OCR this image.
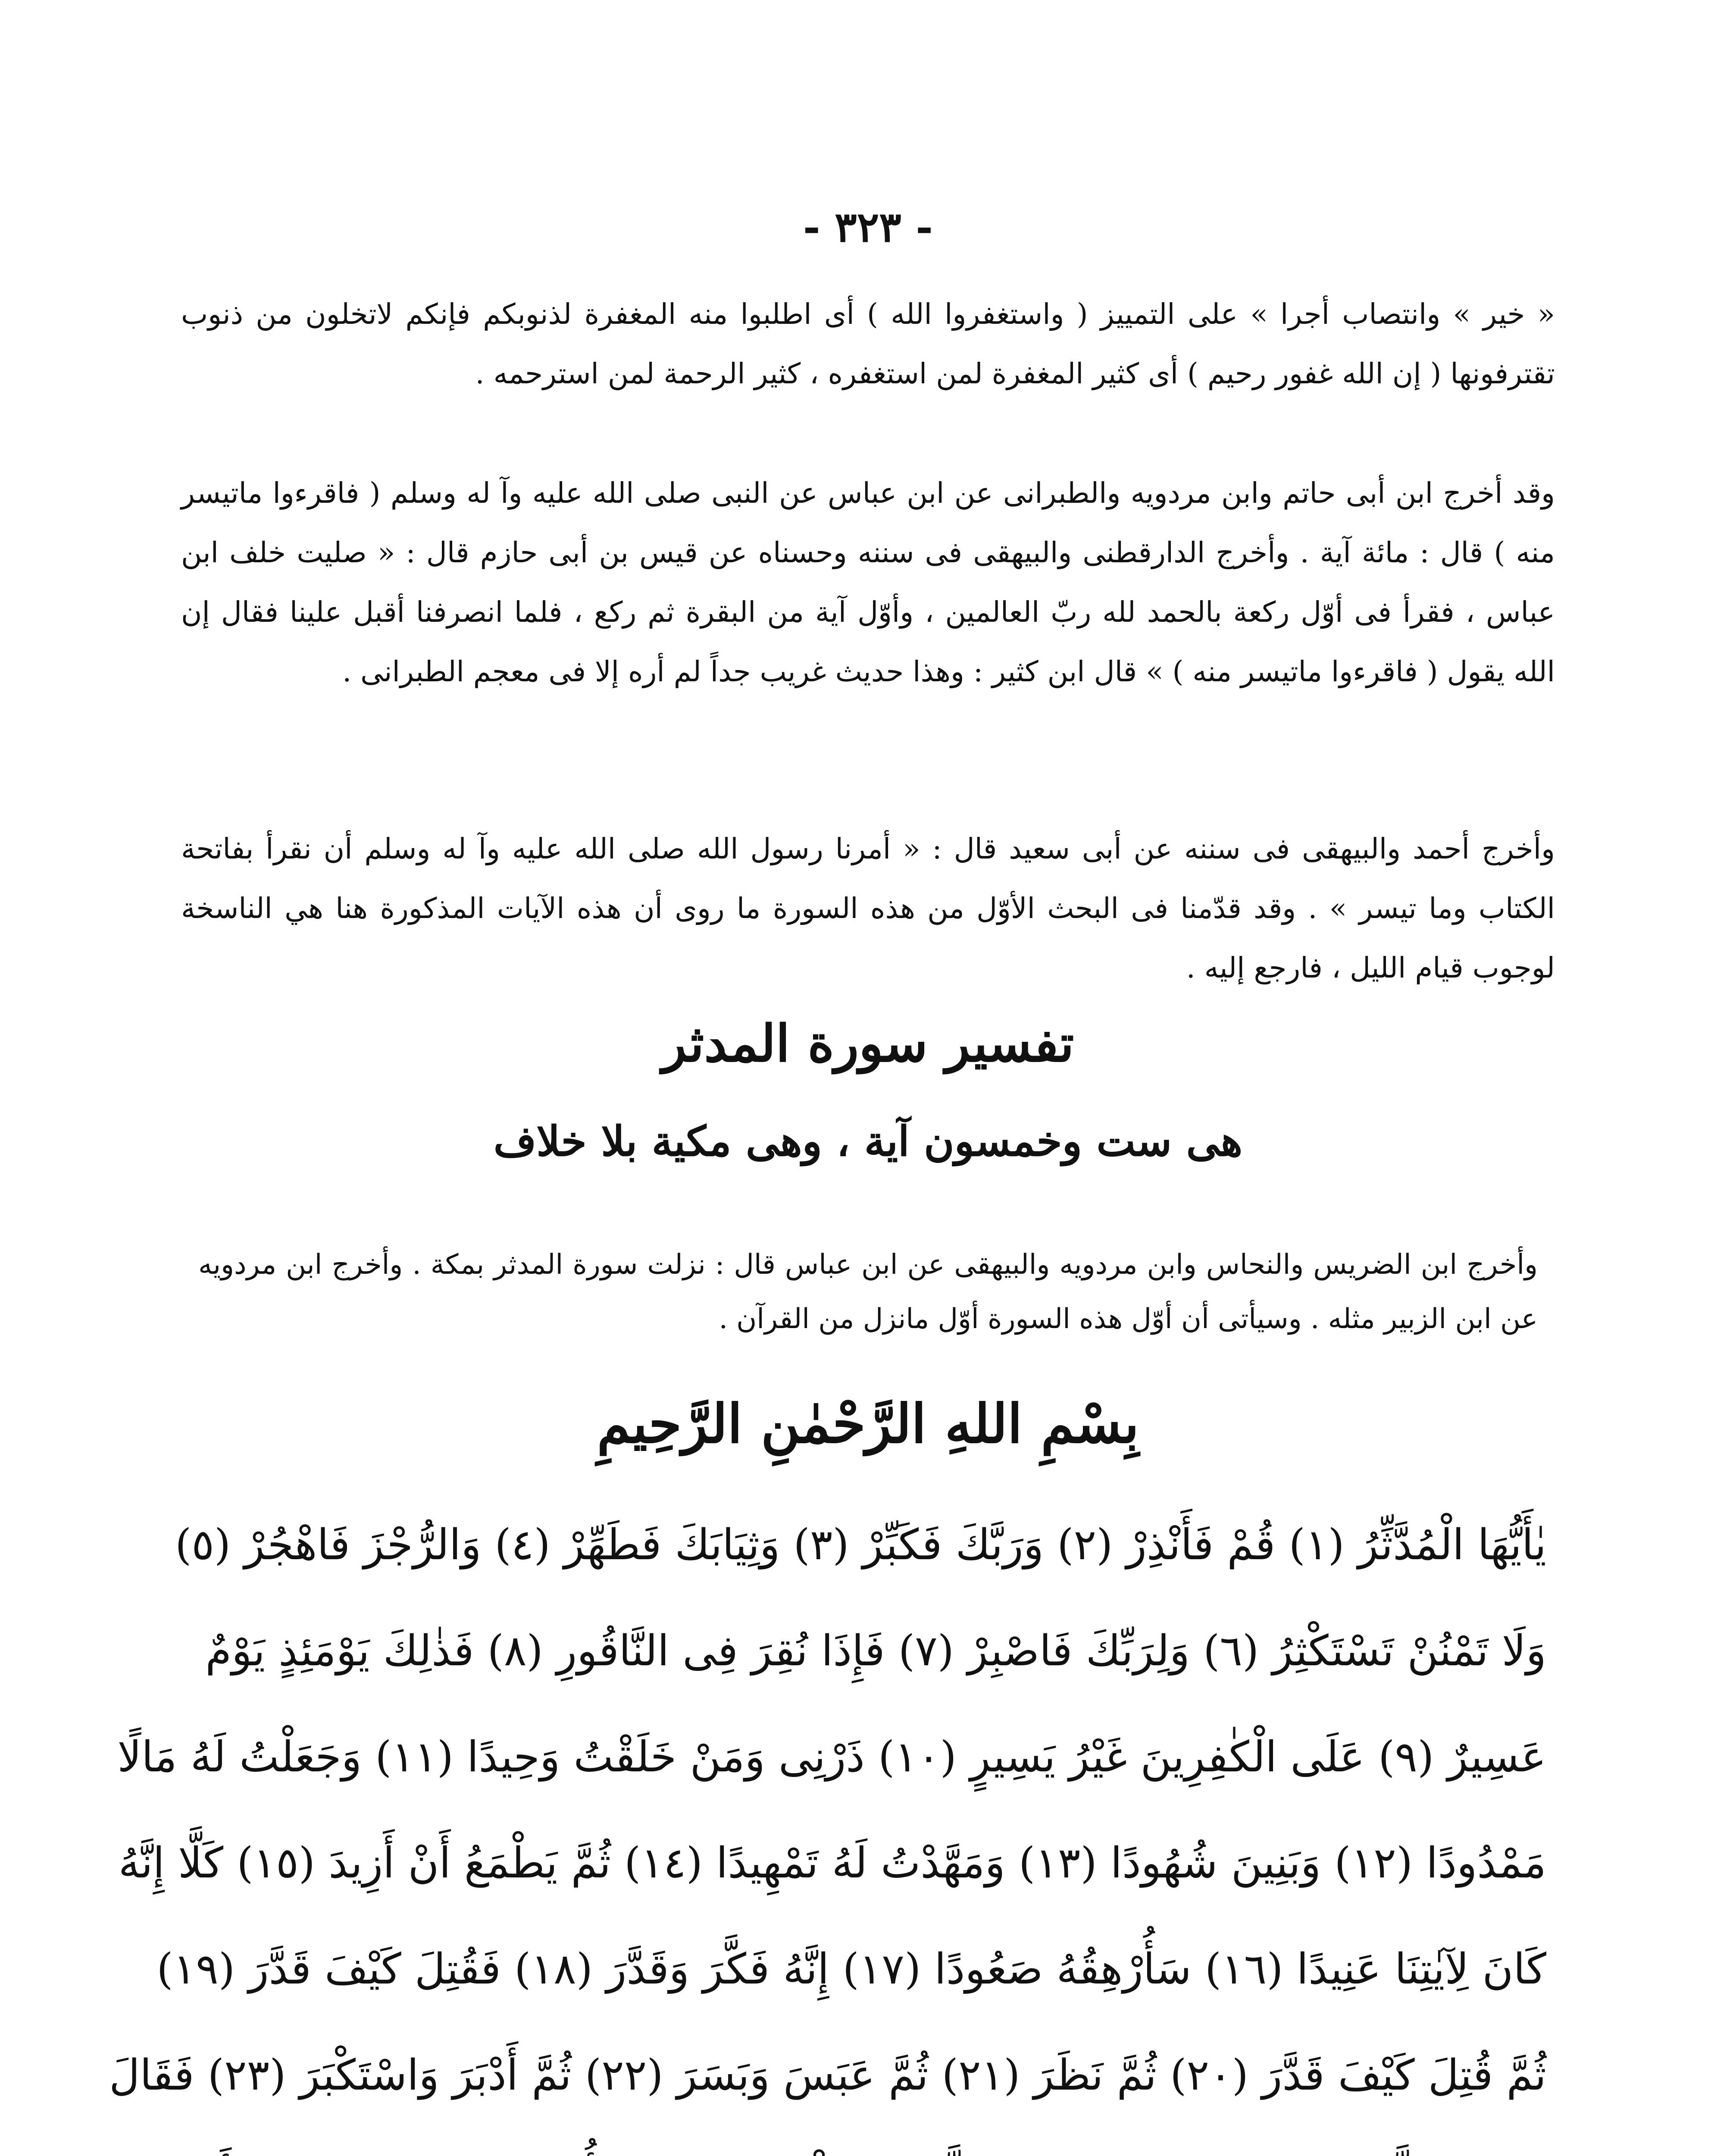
- ٣٢٣ -

« خير » وانتصاب أجرا » على التمييز ( واستغفروا الله ) أى اطلبوا منه المغفرة لذنوبكم فإنكم لاتخلون من ذنوب تقترفونها ( إن الله غفور رحيم ) أى كثير المغفرة لمن استغفره ، كثير الرحمة لمن استرحمه .

وقد أخرج ابن أبى حاتم وابن مردويه والطبرانى عن ابن عباس عن النبى صلى الله عليه وآ له وسلم ( فاقرءوا ماتيسر منه ) قال : مائة آية . وأخرج الدارقطنى والبيهقى فى سننه وحسناه عن قيس بن أبى حازم قال : « صليت خلف ابن عباس ، فقرأ فى أوّل ركعة بالحمد لله ربّ العالمين ، وأوّل آية من البقرة ثم ركع ، فلما انصرفنا أقبل علينا فقال إن الله يقول ( فاقرءوا ماتيسر منه ) » قال ابن كثير : وهذا حديث غريب جداً لم أره إلا فى معجم الطبرانى .

وأخرج أحمد والبيهقى فى سننه عن أبى سعيد قال : « أمرنا رسول الله صلى الله عليه وآ له وسلم أن نقرأ بفاتحة الكتاب وما تيسر » . وقد قدّمنا فى البحث الأوّل من هذه السورة ما روى أن هذه الآيات المذكورة هنا هي الناسخة لوجوب قيام الليل ، فارجع إليه .

تفسير سورة المدثر
هى ست وخمسون آية ، وهى مكية بلا خلاف

وأخرج ابن الضريس والنحاس وابن مردويه والبيهقى عن ابن عباس قال : نزلت سورة المدثر بمكة . وأخرج ابن مردويه عن ابن الزبير مثله . وسيأتى أن أوّل هذه السورة أوّل مانزل من القرآن .

بِسْمِ اللهِ الرَّحْمٰنِ الرَّحِيمِ
يٰأَيُّهَا الْمُدَّثِّرُ (١) قُمْ فَأَنْذِرْ (٢) وَرَبَّكَ فَكَبِّرْ (٣) وَثِيَابَكَ فَطَهِّرْ (٤) وَالرُّجْزَ فَاهْجُرْ (٥)
وَلَا تَمْنُنْ تَسْتَكْثِرُ (٦) وَلِرَبِّكَ فَاصْبِرْ (٧) فَإِذَا نُقِرَ فِى النَّاقُورِ (٨) فَذٰلِكَ يَوْمَئِذٍ يَوْمٌ
عَسِيرٌ (٩) عَلَى الْكٰفِرِينَ غَيْرُ يَسِيرٍ (١٠) ذَرْنِى وَمَنْ خَلَقْتُ وَحِيدًا (١١) وَجَعَلْتُ لَهُ مَالًا
مَمْدُودًا (١٢) وَبَنِينَ شُهُودًا (١٣) وَمَهَّدْتُ لَهُ تَمْهِيدًا (١٤) ثُمَّ يَطْمَعُ أَنْ أَزِيدَ (١٥) كَلَّا إِنَّهُ
كَانَ لِآيٰتِنَا عَنِيدًا (١٦) سَأُرْهِقُهُ صَعُودًا (١٧) إِنَّهُ فَكَّرَ وَقَدَّرَ (١٨) فَقُتِلَ كَيْفَ قَدَّرَ (١٩)
ثُمَّ قُتِلَ كَيْفَ قَدَّرَ (٢٠) ثُمَّ نَظَرَ (٢١) ثُمَّ عَبَسَ وَبَسَرَ (٢٢) ثُمَّ أَدْبَرَ وَاسْتَكْبَرَ (٢٣) فَقَالَ
